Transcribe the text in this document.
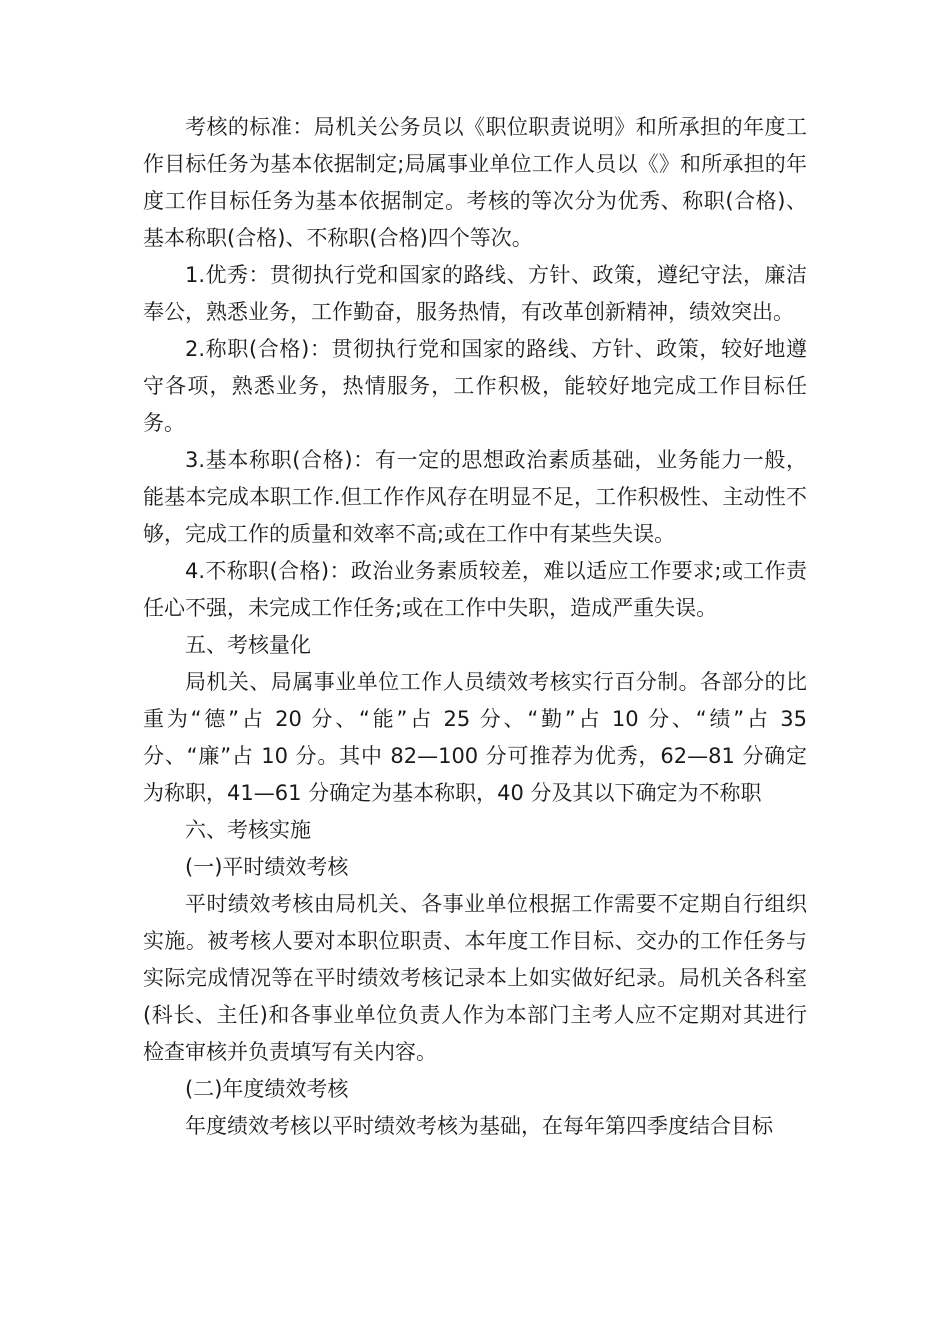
考核的标准：局机关公务员以《职位职责说明》和所承担的年度工作目标任务为基本依据制定;局属事业单位工作人员以《》和所承担的年度工作目标任务为基本依据制定。考核的等次分为优秀、称职(合格)、基本称职(合格)、不称职(合格)四个等次。

1.优秀：贯彻执行党和国家的路线、方针、政策，遵纪守法，廉洁奉公，熟悉业务，工作勤奋，服务热情，有改革创新精神，绩效突出。

2.称职(合格)：贯彻执行党和国家的路线、方针、政策，较好地遵守各项，熟悉业务，热情服务，工作积极，能较好地完成工作目标任务。

3.基本称职(合格)：有一定的思想政治素质基础，业务能力一般，能基本完成本职工作.但工作作风存在明显不足，工作积极性、主动性不够，完成工作的质量和效率不高;或在工作中有某些失误。

4.不称职(合格)：政治业务素质较差，难以适应工作要求;或工作责任心不强，未完成工作任务;或在工作中失职，造成严重失误。

五、考核量化

局机关、局属事业单位工作人员绩效考核实行百分制。各部分的比重为“德”占 20 分、“能”占 25 分、“勤”占 10 分、“绩”占 35 分、“廉”占 10 分。其中 82—100 分可推荐为优秀，62—81 分确定为称职，41—61 分确定为基本称职，40 分及其以下确定为不称职

六、考核实施

(一)平时绩效考核

平时绩效考核由局机关、各事业单位根据工作需要不定期自行组织实施。被考核人要对本职位职责、本年度工作目标、交办的工作任务与实际完成情况等在平时绩效考核记录本上如实做好纪录。局机关各科室(科长、主任)和各事业单位负责人作为本部门主考人应不定期对其进行检查审核并负责填写有关内容。

(二)年度绩效考核

年度绩效考核以平时绩效考核为基础，在每年第四季度结合目标
